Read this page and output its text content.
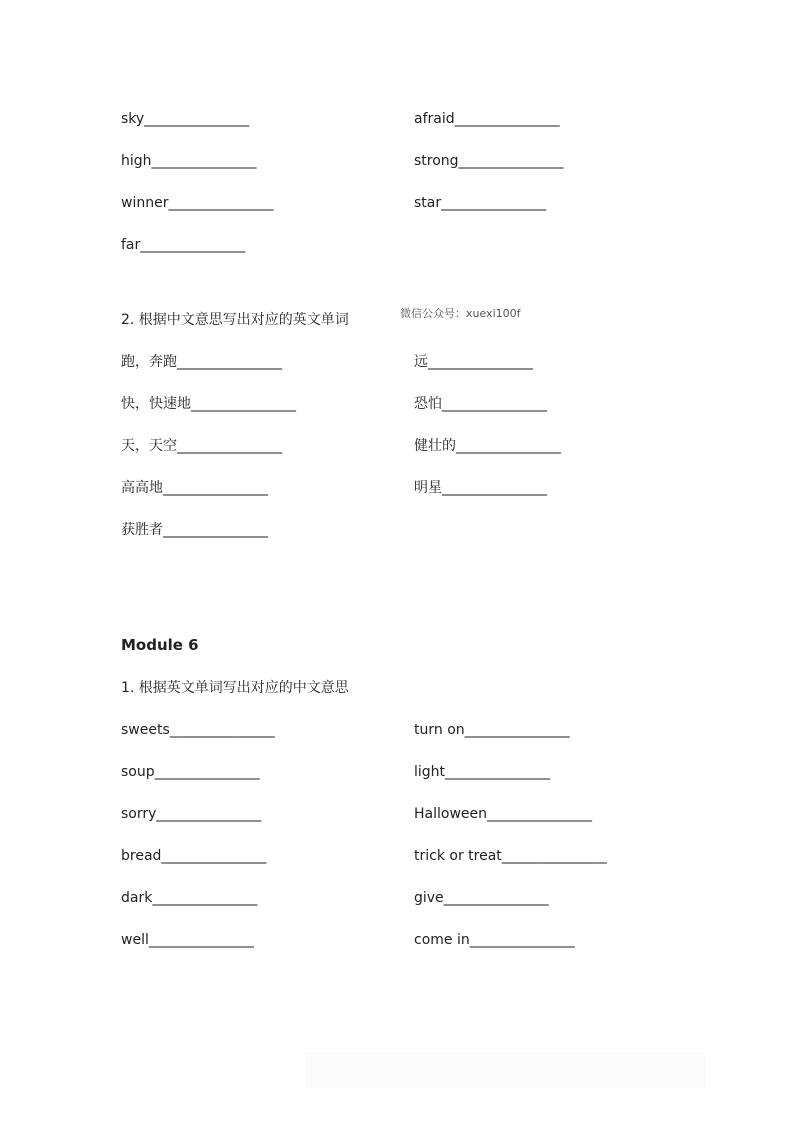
sky_______________
high_______________
winner_______________
far_______________
afraid_______________
strong_______________
star_______________
2. 根据中文意思写出对应的英文单词	微信公众号：xuexi100f
跑，奔跑_______________
快，快速地_______________
天，天空_______________
高高地_______________
获胜者_______________
远_______________
恐怕_______________
健壮的_______________
明星_______________
Module 6
1. 根据英文单词写出对应的中文意思
sweets_______________
soup_______________
sorry_______________
bread_______________
dark_______________
well_______________
turn on_______________
light_______________
Halloween_______________
trick or treat_______________
give_______________
come in_______________
